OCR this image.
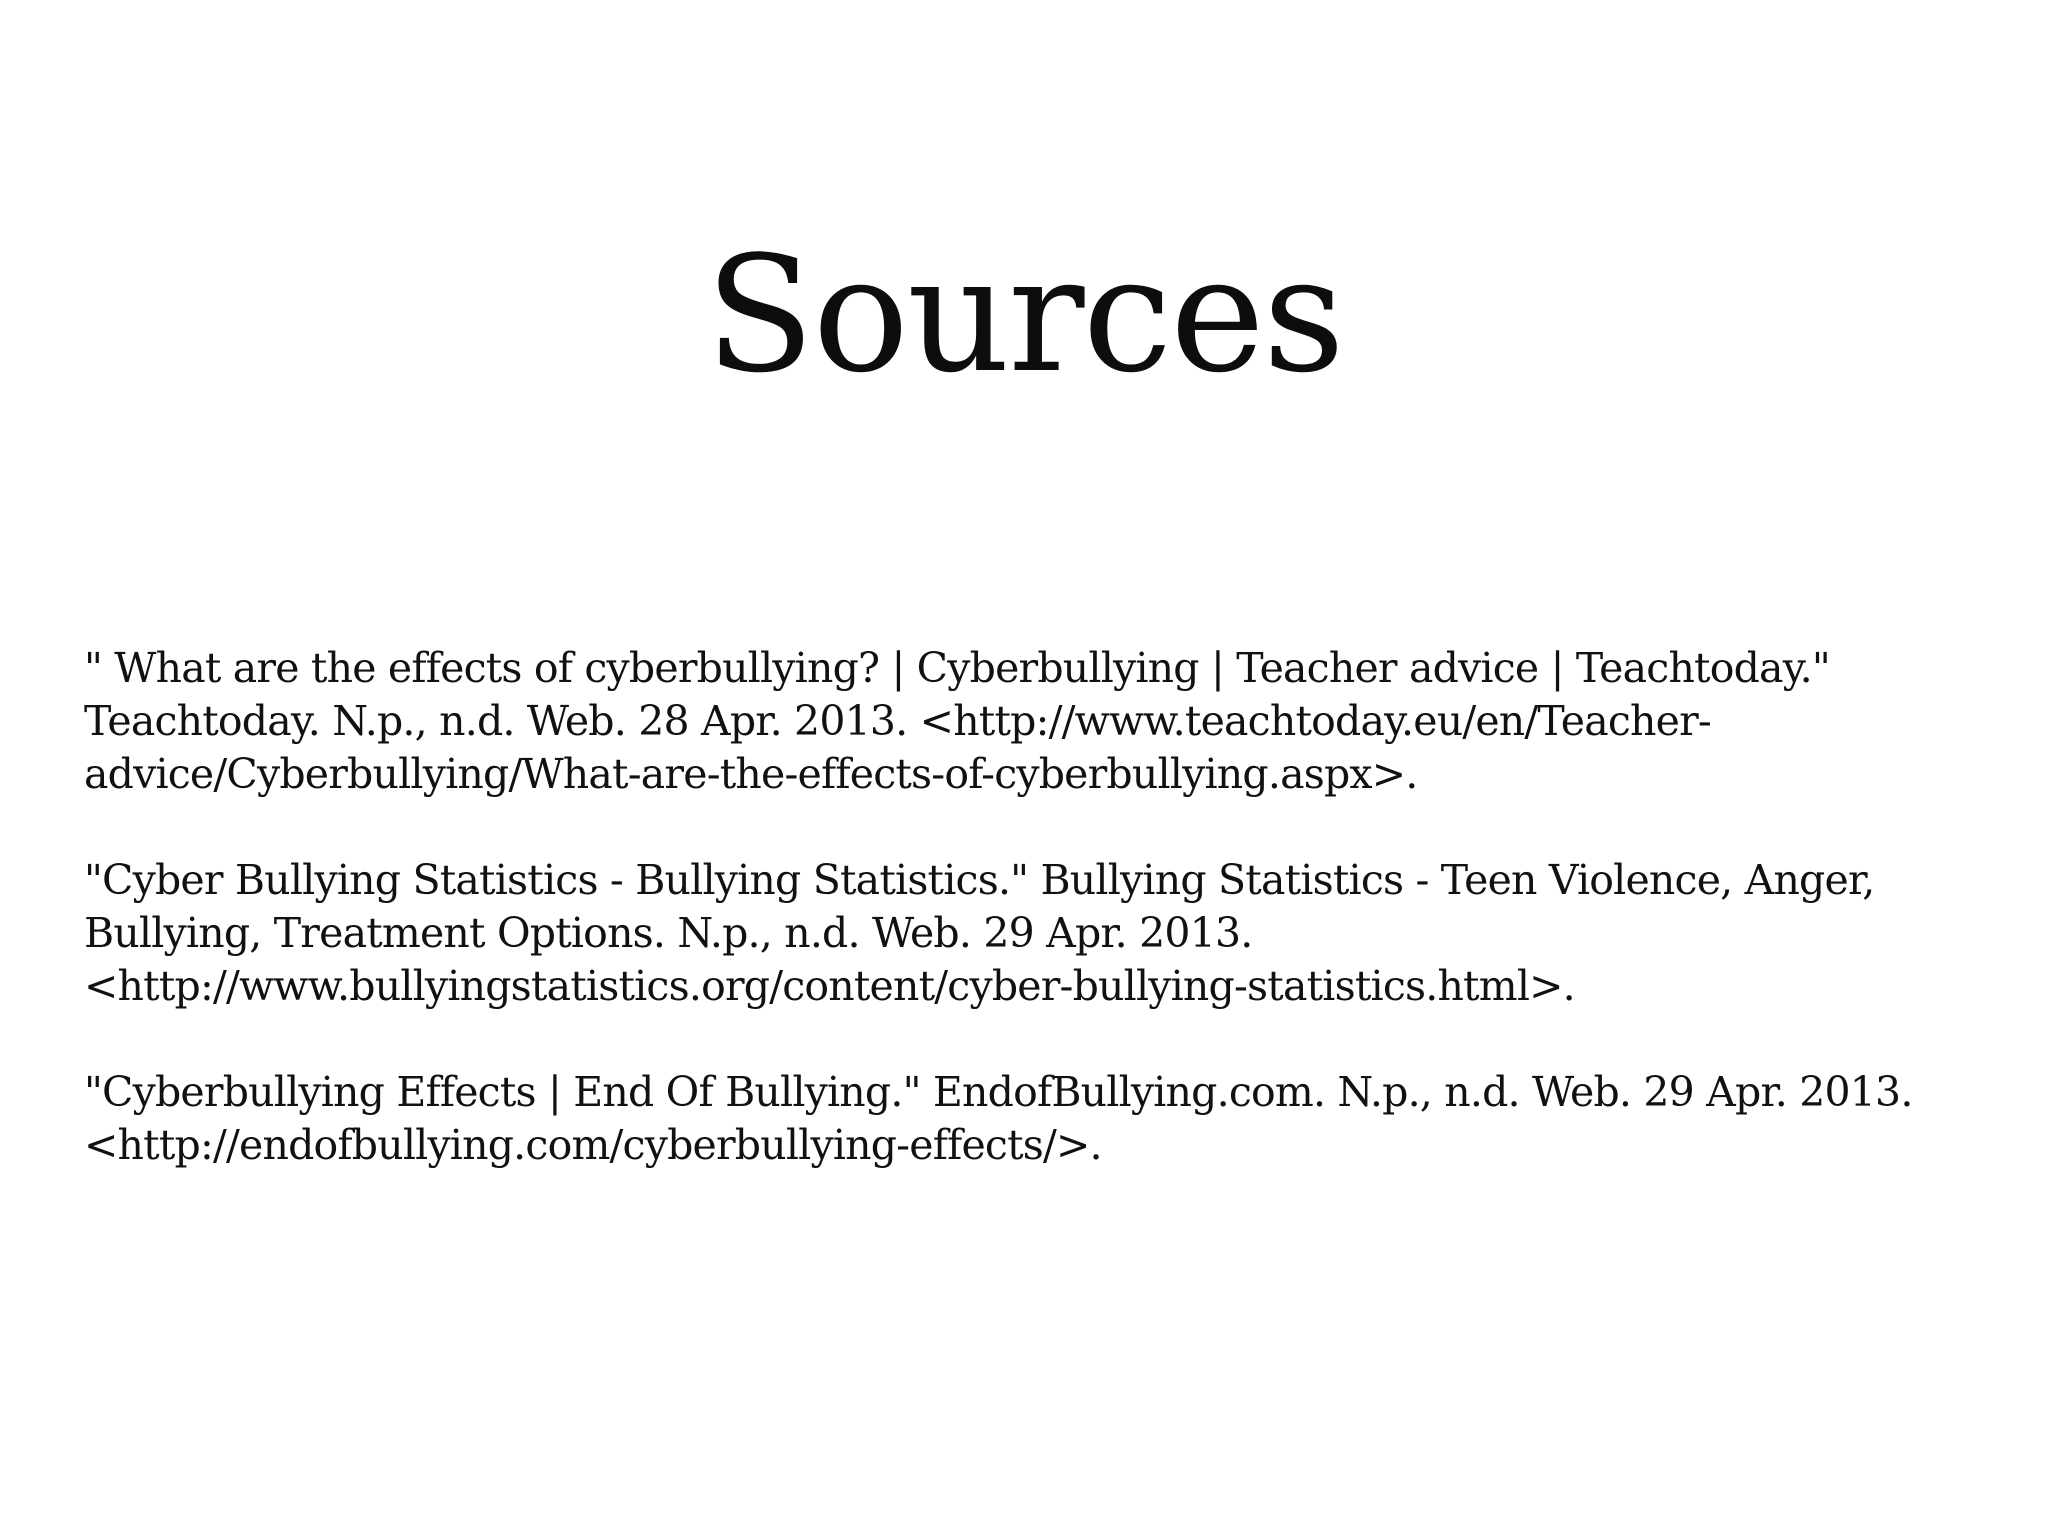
Sources

" What are the effects of cyberbullying? | Cyberbullying | Teacher advice | Teachtoday."
Teachtoday. N.p., n.d. Web. 28 Apr. 2013. <http://www.teachtoday.eu/en/Teacher-
advice/Cyberbullying/What-are-the-effects-of-cyberbullying.aspx>.

"Cyber Bullying Statistics - Bullying Statistics." Bullying Statistics - Teen Violence, Anger,
Bullying, Treatment Options. N.p., n.d. Web. 29 Apr. 2013.
<http://www.bullyingstatistics.org/content/cyber-bullying-statistics.html>.

"Cyberbullying Effects | End Of Bullying." EndofBullying.com. N.p., n.d. Web. 29 Apr. 2013.
<http://endofbullying.com/cyberbullying-effects/>.
